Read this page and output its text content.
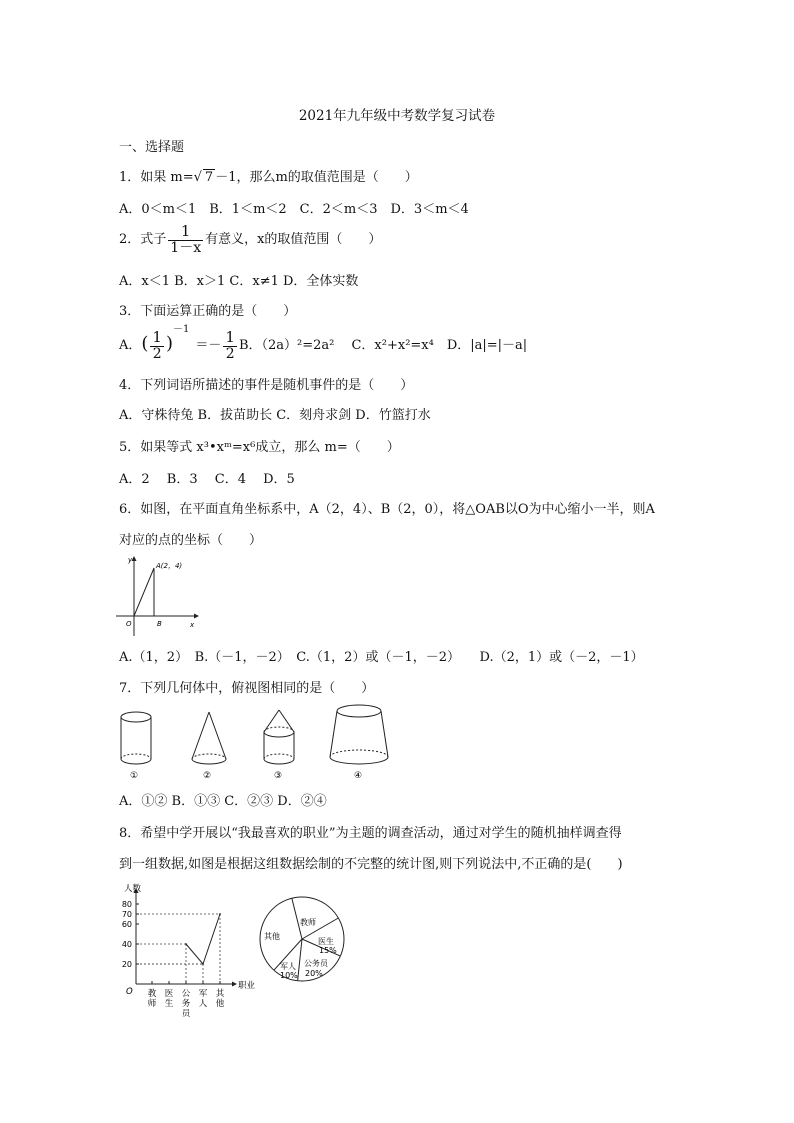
2021年九年级中考数学复习试卷
一、选择题
1．如果 m=√ 7 －1，那么m的取值范围是（　　）
A．0＜m＜1　B．1＜m＜2　C．2＜m＜3　D．3＜m＜4
2．式子 $\frac{1}{1-x}$ 有意义，x的取值范围（　　）
A．x＜1 B．x＞1 C．x≠1 D．全体实数
3．下面运算正确的是（　　）
A．( $\frac{1}{2} )^{-1}=- \frac{1}{2}$ B．（2a）²=2a²　 C．x²+x²=x⁴　D．|a|=|－a|
4．下列词语所描述的事件是随机事件的是（　　）
A．守株待兔 B．拔苗助长 C．刻舟求剑 D．竹篮打水
5．如果等式 x³•xᵐ=x⁶成立，那么 m=（　　）
A．2　 B．3　 C．4　 D．5
6．如图，在平面直角坐标系中，A（2，4）、B（2，0），将△OAB以O为中心缩小一半，则A
对应的点的坐标（　　）
y
x
O	B
A(2，4)
A.（1，2）　B.（－1，－2）　C.（1，2）或（－1，－2）　　D.（2，1）或（－2，－1）
7．下列几何体中，俯视图相同的是（　　）
①	②	③	④
A．①② B．①③ C．②③ D．②④
8．希望中学开展以“我最喜欢的职业”为主题的调查活动，通过对学生的随机抽样调查得
到一组数据,如图是根据这组数据绘制的不完整的统计图,则下列说法中,不正确的是(　　)
人数
职业
O
20
40
60
70
80
教
师
医
生
公
务
员
军
人
其
他
教师
其他
医生
15%
公务员
20%
军人
10%
